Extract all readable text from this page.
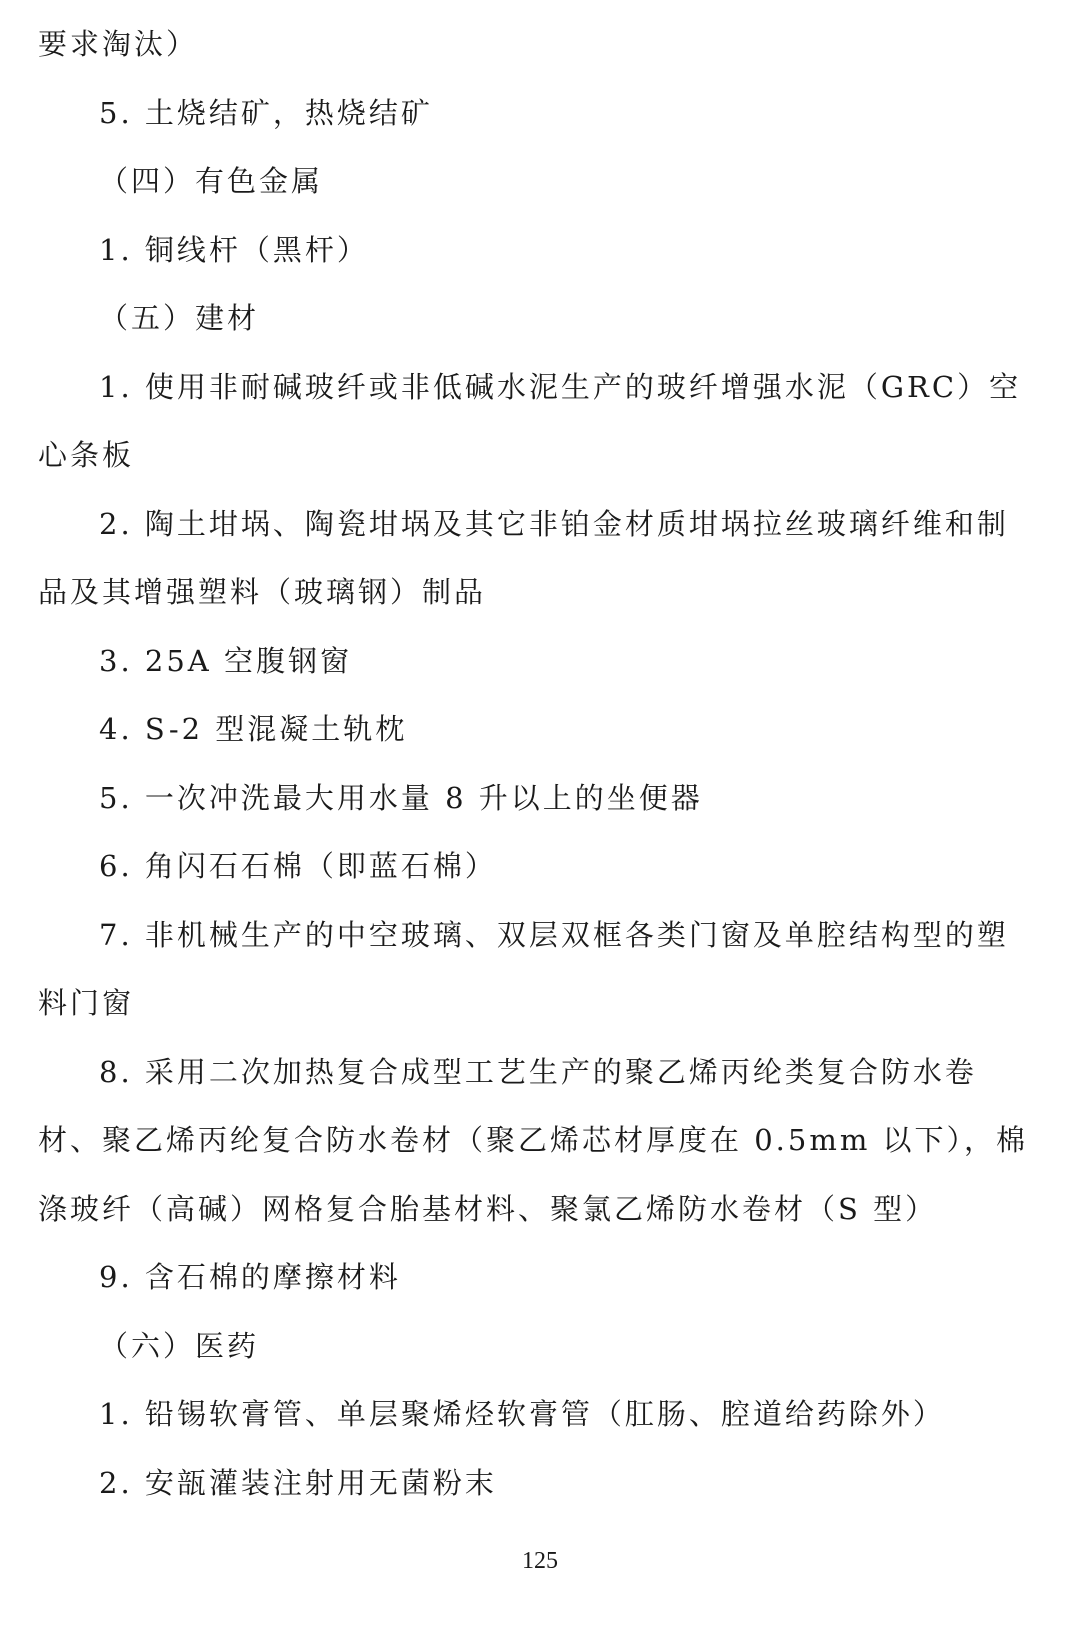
要求淘汰）
5. 土烧结矿，热烧结矿
（四）有色金属
1. 铜线杆（黑杆）
（五）建材
1. 使用非耐碱玻纤或非低碱水泥生产的玻纤增强水泥（GRC）空
心条板
2. 陶土坩埚、陶瓷坩埚及其它非铂金材质坩埚拉丝玻璃纤维和制
品及其增强塑料（玻璃钢）制品
3. 25A 空腹钢窗
4. S-2 型混凝土轨枕
5. 一次冲洗最大用水量 8 升以上的坐便器
6. 角闪石石棉（即蓝石棉）
7. 非机械生产的中空玻璃、双层双框各类门窗及单腔结构型的塑
料门窗
8. 采用二次加热复合成型工艺生产的聚乙烯丙纶类复合防水卷
材、聚乙烯丙纶复合防水卷材（聚乙烯芯材厚度在 0.5mm 以下），棉
涤玻纤（高碱）网格复合胎基材料、聚氯乙烯防水卷材（S 型）
9. 含石棉的摩擦材料
（六）医药
1. 铅锡软膏管、单层聚烯烃软膏管（肛肠、腔道给药除外）
2. 安瓿灌装注射用无菌粉末
125
